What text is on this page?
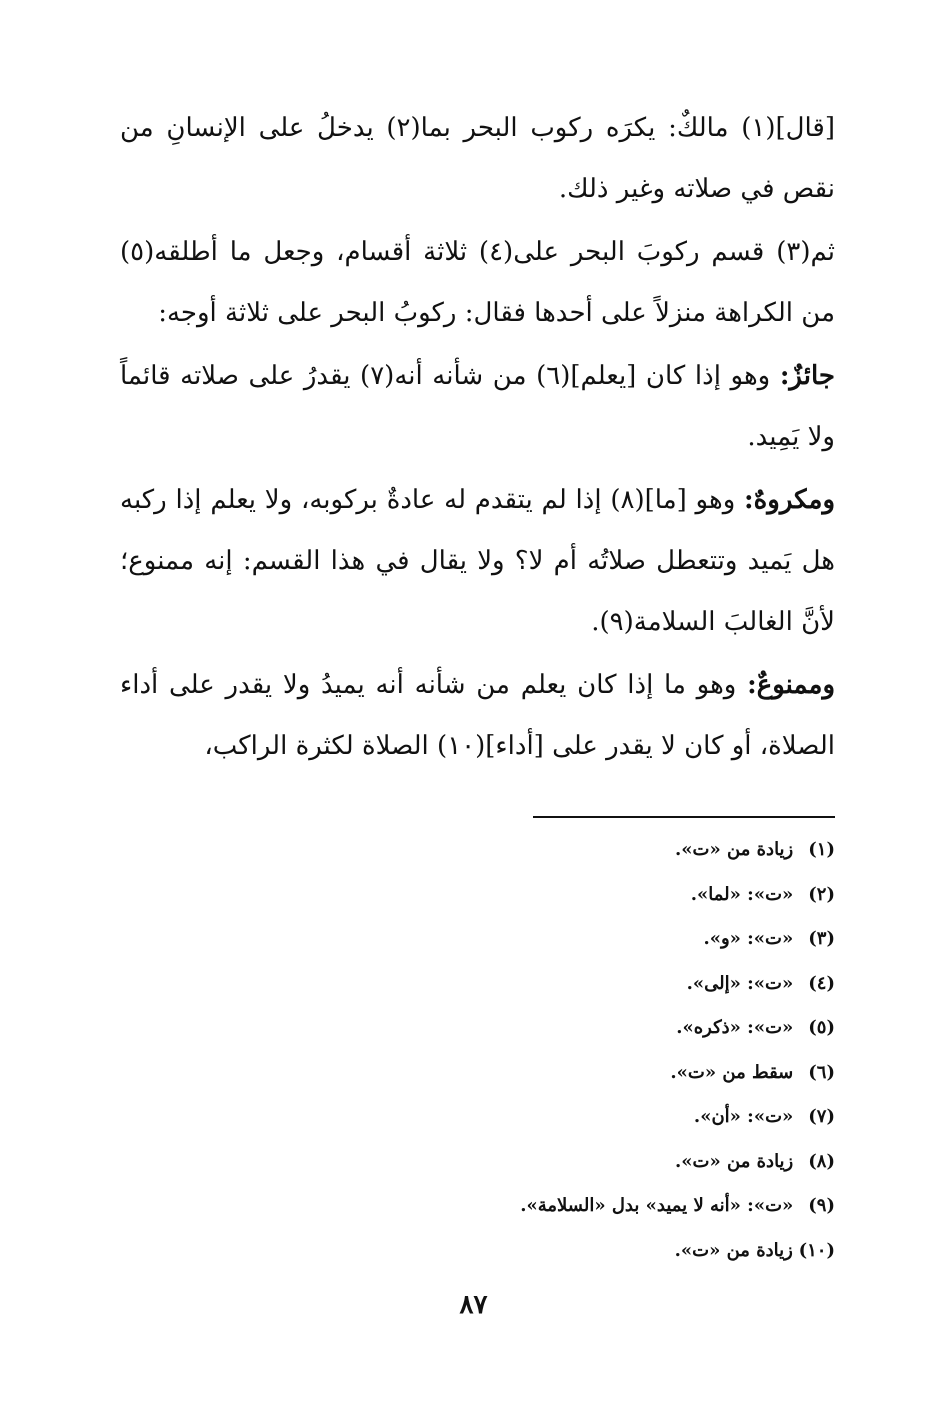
[قال](١) مالكٌ: يكرَه ركوب البحر بما(٢) يدخلُ على الإنسانِ من نقص في صلاته وغير ذلك.

ثم(٣) قسم ركوبَ البحر على(٤) ثلاثة أقسام، وجعل ما أطلقه(٥) من الكراهة منزلاً على أحدها فقال: ركوبُ البحر على ثلاثة أوجه:

جائزٌ: وهو إذا كان [يعلم](٦) من شأنه أنه(٧) يقدرُ على صلاته قائماً ولا يَمِيد.

ومكروهٌ: وهو [ما](٨) إذا لم يتقدم له عادةٌ بركوبه، ولا يعلم إذا ركبه هل يَميد وتتعطل صلاتُه أم لا؟ ولا يقال في هذا القسم: إنه ممنوع؛ لأنَّ الغالبَ السلامة(٩).

وممنوعٌ: وهو ما إذا كان يعلم من شأنه أنه يميدُ ولا يقدر على أداء الصلاة، أو كان لا يقدر على [أداء](١٠) الصلاة لكثرة الراكب،

(١) زيادة من «ت».
(٢) «ت»: «لما».
(٣) «ت»: «و».
(٤) «ت»: «إلى».
(٥) «ت»: «ذكره».
(٦) سقط من «ت».
(٧) «ت»: «أن».
(٨) زيادة من «ت».
(٩) «ت»: «أنه لا يميد» بدل «السلامة».
(١٠) زيادة من «ت».
٨٧
